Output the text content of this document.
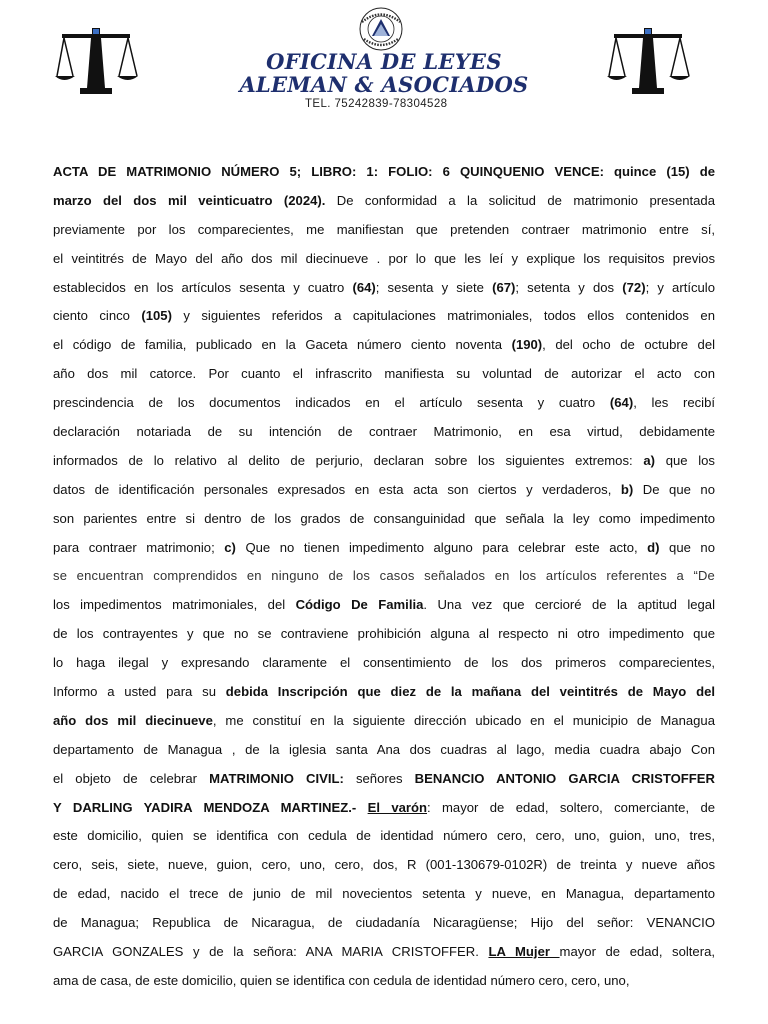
OFICINA DE LEYES
ALEMAN & ASOCIADOS
TEL. 75242839-78304528
ACTA DE MATRIMONIO NÚMERO 5; LIBRO: 1: FOLIO: 6 QUINQUENIO VENCE: quince (15) de
marzo del dos mil veinticuatro (2024). De conformidad a la solicitud de matrimonio presentada
previamente por los comparecientes, me manifiestan que pretenden contraer matrimonio entre sí,
el veintitrés de Mayo del año dos mil diecinueve . por lo que les leí y explique los requisitos previos
establecidos en los artículos sesenta y cuatro (64); sesenta y siete (67); setenta y dos (72); y artículo
ciento cinco (105) y siguientes referidos a capitulaciones matrimoniales, todos ellos contenidos en
el código de familia, publicado en la Gaceta número ciento noventa (190), del ocho de octubre del
año dos mil catorce. Por cuanto el infrascrito manifiesta su voluntad de autorizar el acto con
prescindencia de los documentos indicados en el artículo sesenta y cuatro (64), les recibí
declaración notariada de su intención de contraer Matrimonio, en esa virtud, debidamente
informados de lo relativo al delito de perjurio, declaran sobre los siguientes extremos: a) que los
datos de identificación personales expresados en esta acta son ciertos y verdaderos, b) De que no
son parientes entre si dentro de los grados de consanguinidad que señala la ley como impedimento
para contraer matrimonio; c) Que no tienen impedimento alguno para celebrar este acto, d) que no
se encuentran comprendidos en ninguno de los casos señalados en los artículos referentes a “De
los impedimentos matrimoniales, del Código De Familia. Una vez que cercioré de la aptitud legal
de los contrayentes y que no se contraviene prohibición alguna al respecto ni otro impedimento que
lo haga ilegal y expresando claramente el consentimiento de los dos primeros comparecientes,
Informo a usted para su debida Inscripción que diez de la mañana del veintitrés de Mayo del
año dos mil diecinueve, me constituí en la siguiente dirección ubicado en el municipio de Managua
departamento de Managua , de la iglesia santa Ana dos cuadras al lago, media cuadra abajo Con
el objeto de celebrar MATRIMONIO CIVIL: señores BENANCIO ANTONIO GARCIA CRISTOFFER
Y DARLING YADIRA MENDOZA MARTINEZ.- El varón: mayor de edad, soltero, comerciante, de
este domicilio, quien se identifica con cedula de identidad número cero, cero, uno, guion, uno, tres,
cero, seis, siete, nueve, guion, cero, uno, cero, dos, R (001-130679-0102R) de treinta y nueve años
de edad, nacido el trece de junio de mil novecientos setenta y nueve, en Managua, departamento
de Managua; Republica de Nicaragua, de ciudadanía Nicaragüense; Hijo del señor: VENANCIO
GARCIA GONZALES y de la señora: ANA MARIA CRISTOFFER. LA Mujer mayor de edad, soltera,
ama de casa, de este domicilio, quien se identifica con cedula de identidad número cero, cero, uno,
